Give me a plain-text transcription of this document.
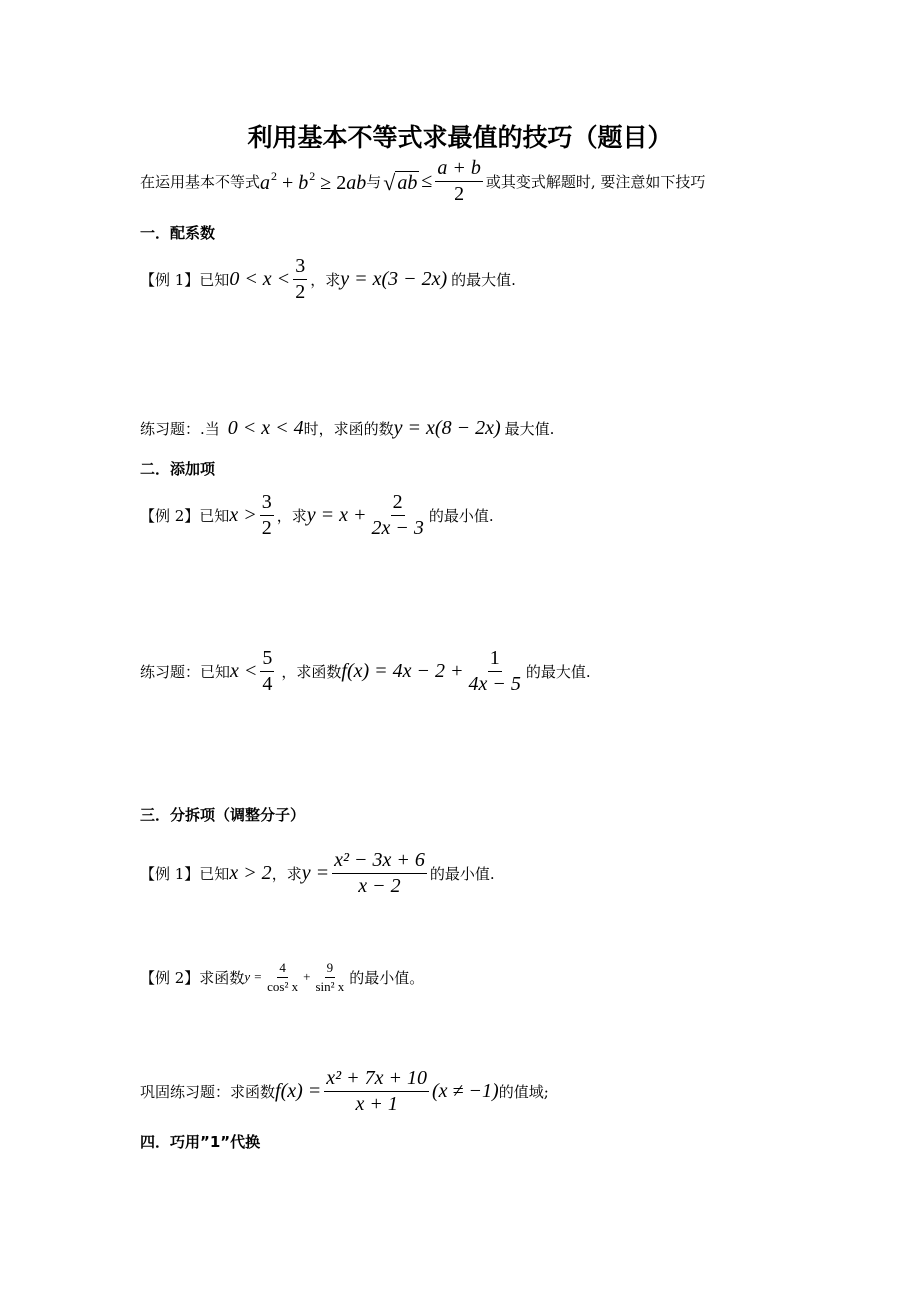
利用基本不等式求最值的技巧（题目）
在运用基本不等式 $a^2 + b^2 \ge 2ab$ 与 √ ab ≤ $\frac{a + b}{2}$ 或其变式解题时, 要注意如下技巧
一．配系数
【例 1】已知 $0 < x < \frac{3}{2}$ ，求 y = x(3 − 2x) 的最大值.
练习题：.当 0 < x < 4 时，求函的数 y = x(8 − 2x) 最大值.
二．添加项
【例 2】已知 $x > \frac{3}{2}$ ，求 $y = x + \frac{2}{2x - 3}$ 的最小值.
练习题：已知 $x < \frac{5}{4}$ ，求函数 $f(x) = 4x - 2 + \frac{1}{4x - 5}$ 的最大值.
三．分拆项（调整分子）
【例 1】已知 x > 2 ，求 $y = \frac{\text{x² − 3x + 6}}{x - 2}$ 的最小值.
【例 2】求函数 $y = \frac{4}{\text{cos² x}} + \frac{9}{\text{sin² x}}$ 的最小值。
巩固练习题：求函数 $f(x) = \frac{\text{x² + 7x + 10}}{x + 1} (x \ne -1)$ 的值域;
四．巧用”1”代换
